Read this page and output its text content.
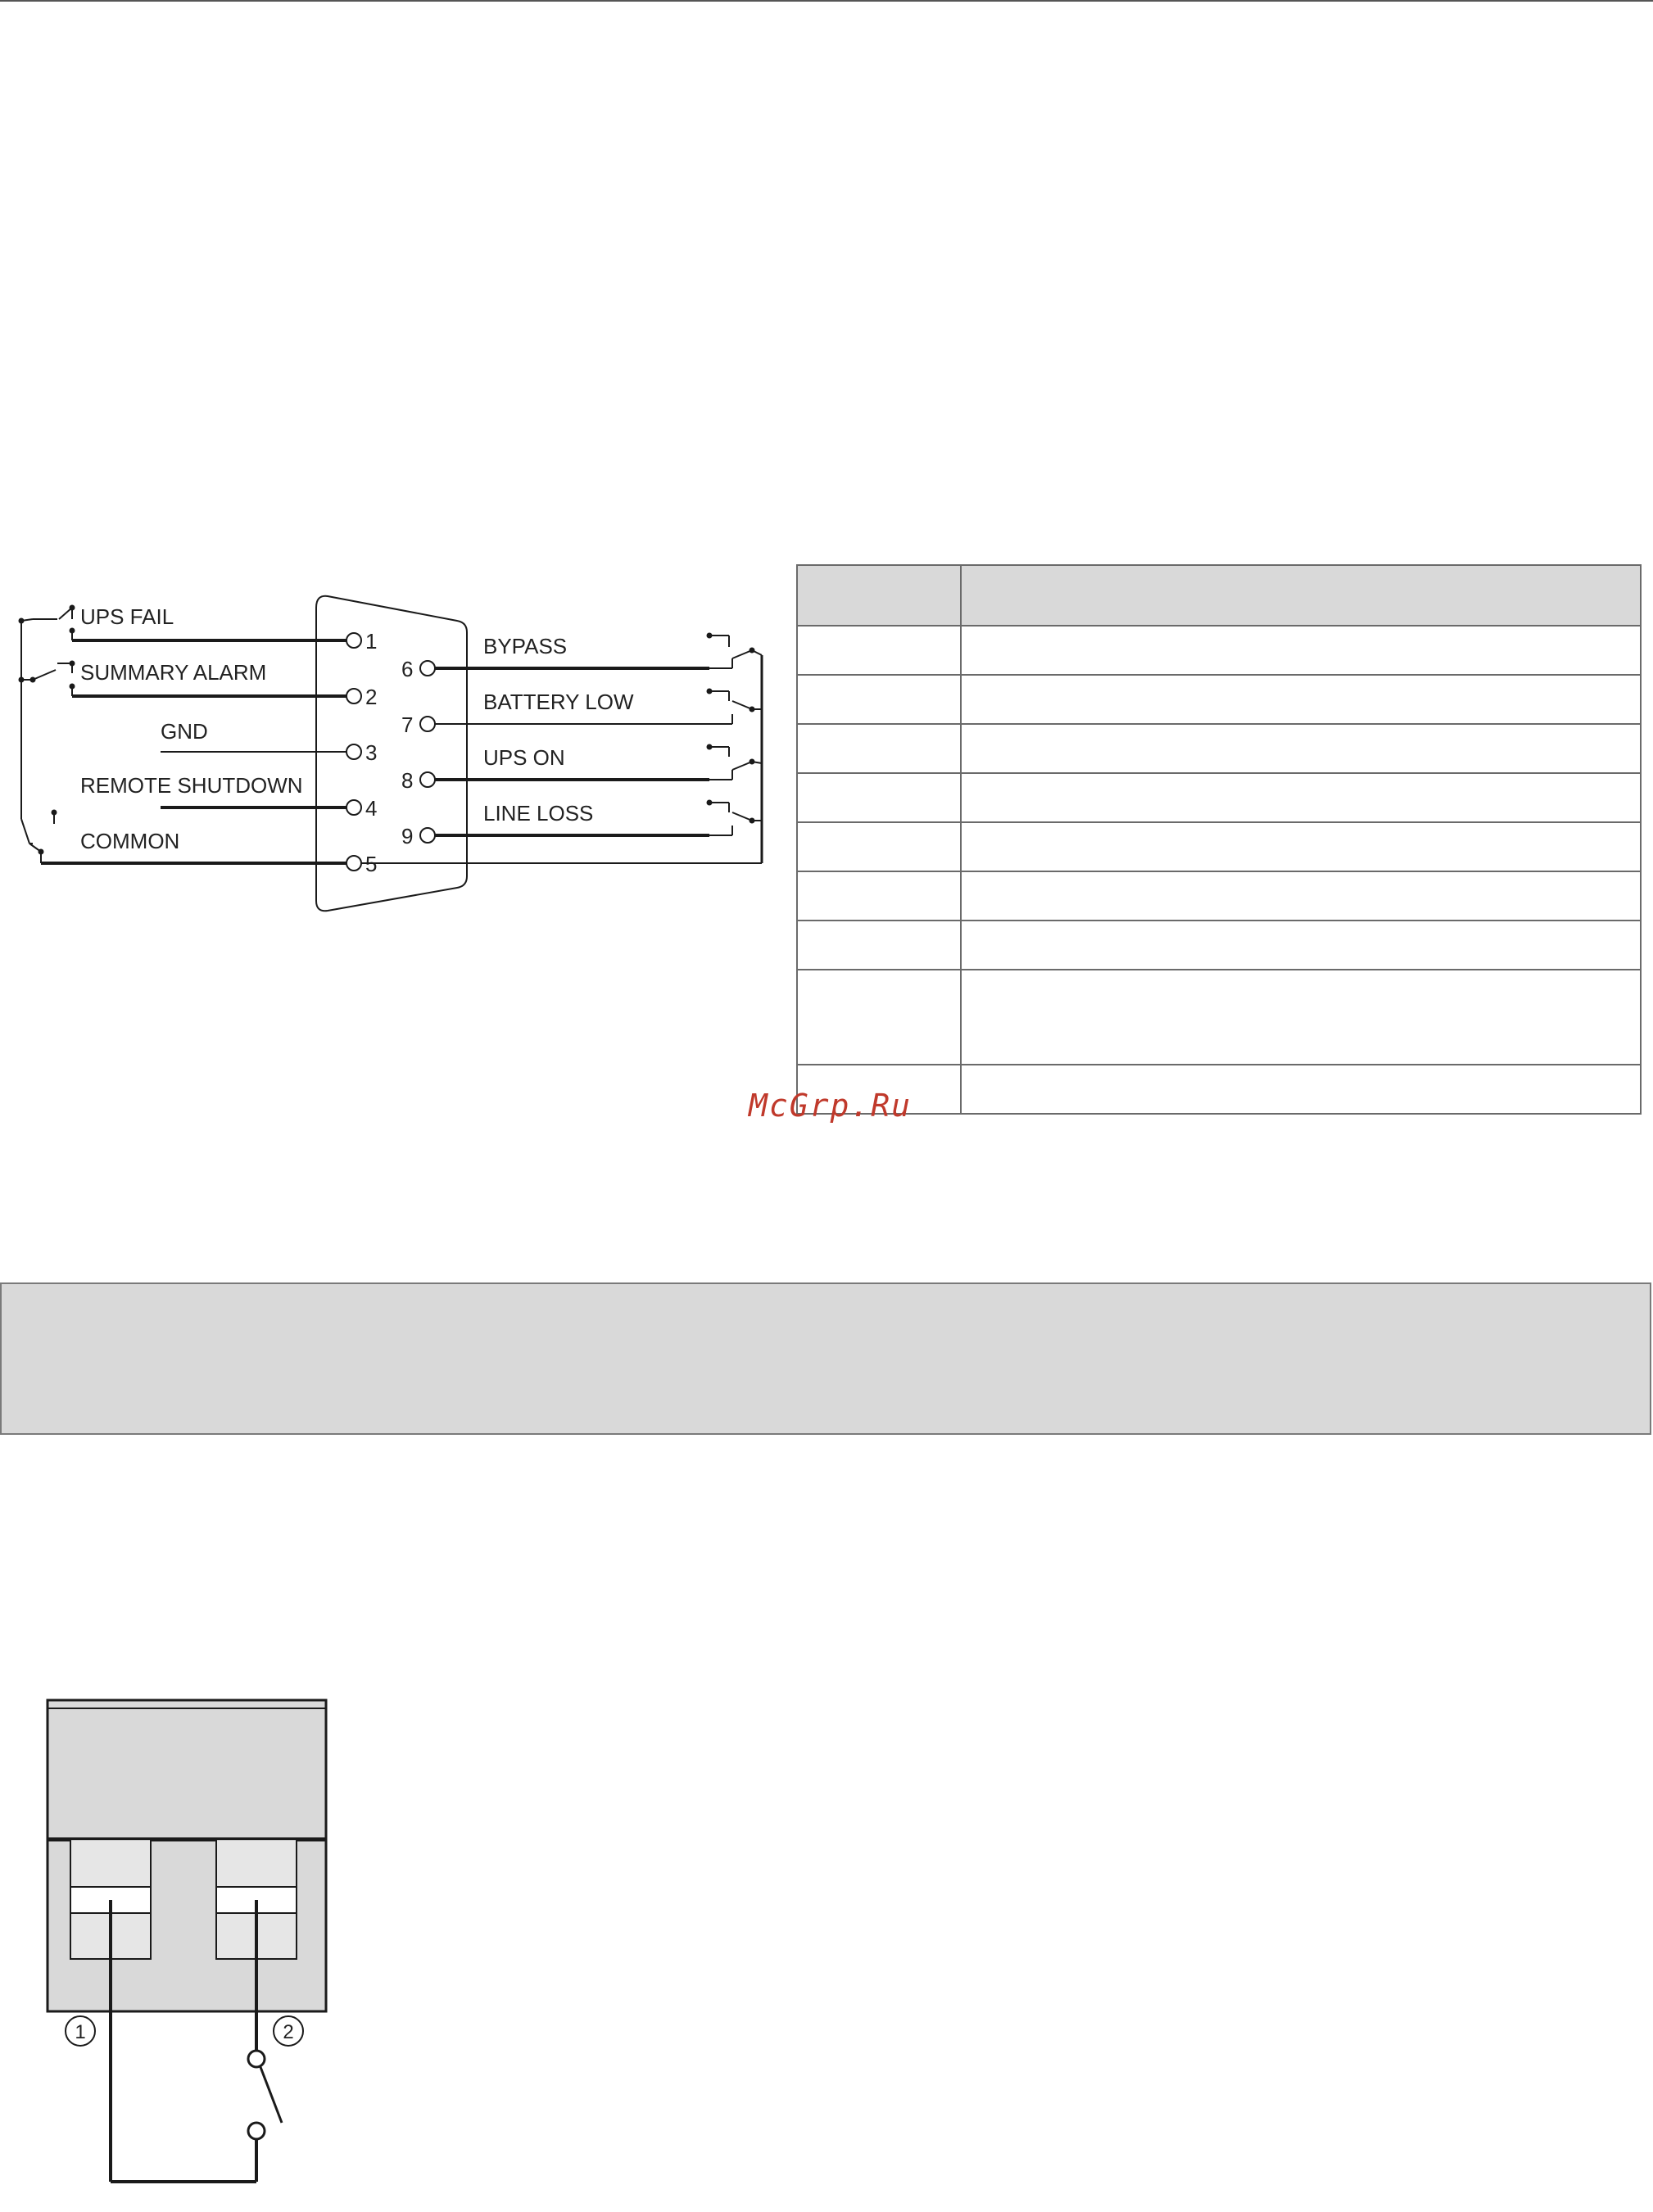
1
2
3
4
5
6
7
8
9
UPS FAIL
SUMMARY ALARM
GND
REMOTE SHUTDOWN
COMMON
BYPASS
BATTERY LOW
UPS ON
LINE LOSS

McGrp.Ru
1	2
